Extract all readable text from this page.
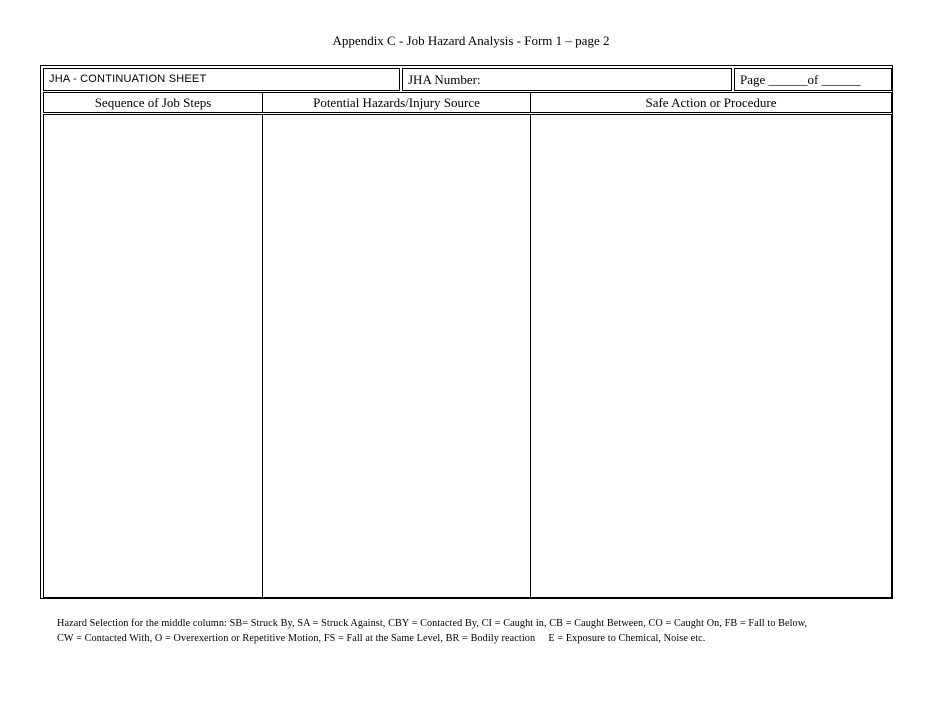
Appendix C - Job Hazard Analysis - Form 1 – page 2
JHA - CONTINUATION SHEET	JHA Number:	Page ______of ______
Sequence of Job Steps	Potential Hazards/Injury Source	Safe Action or Procedure
Hazard Selection for the middle column: SB= Struck By, SA = Struck Against, CBY = Contacted By, CI = Caught in, CB = Caught Between, CO = Caught On, FB = Fall to Below,
CW = Contacted With, O = Overexertion or Repetitive Motion, FS = Fall at the Same Level, BR = Bodily reaction     E = Exposure to Chemical, Noise etc.
